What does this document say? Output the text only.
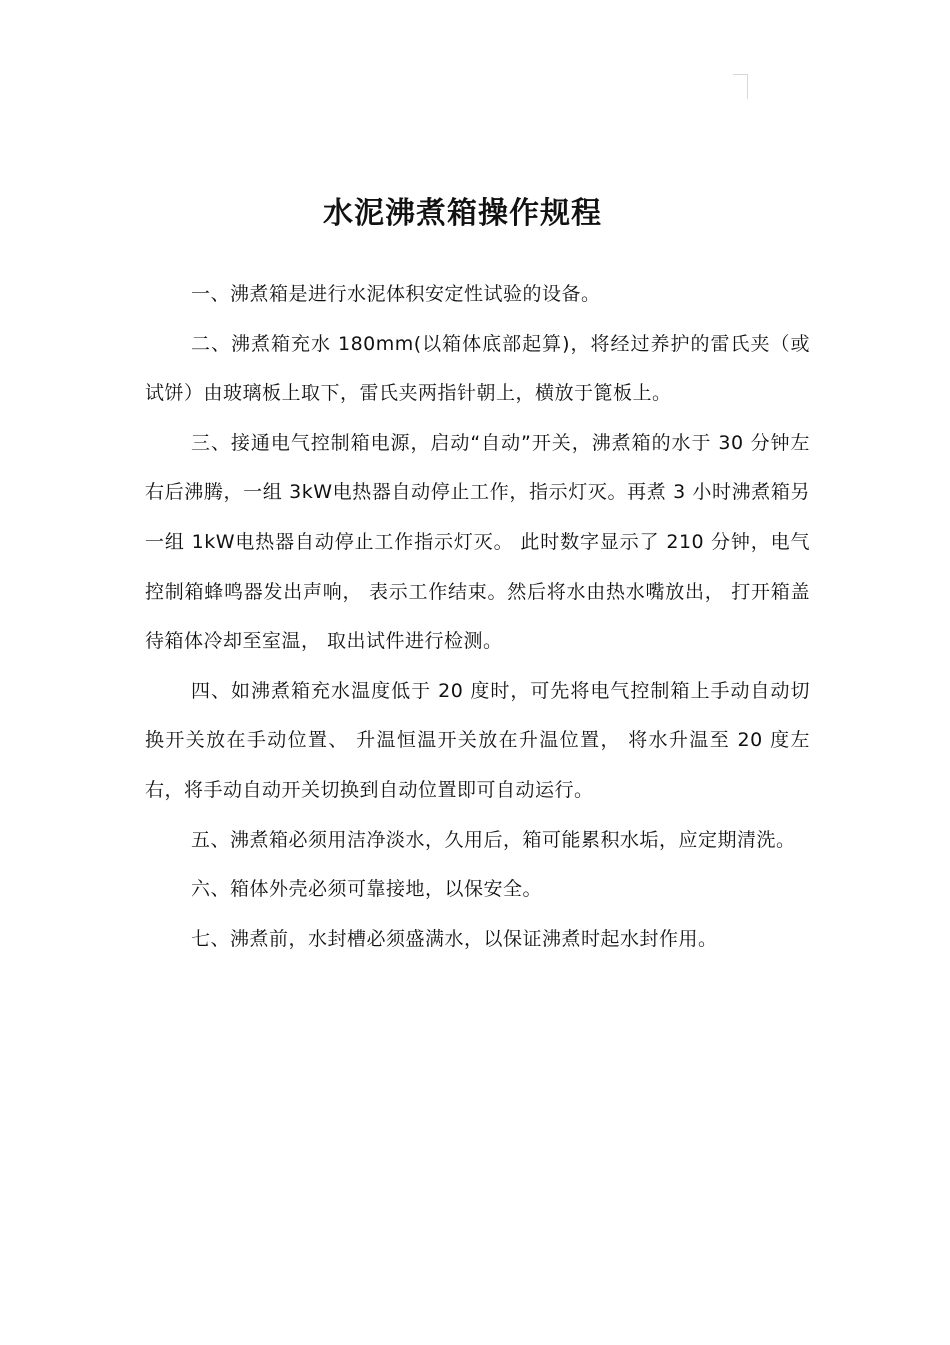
水泥沸煮箱操作规程

一、沸煮箱是进行水泥体积安定性试验的设备。

二、沸煮箱充水 180mm(以箱体底部起算)，将经过养护的雷氏夹（或试饼）由玻璃板上取下，雷氏夹两指针朝上，横放于篦板上。

三、接通电气控制箱电源，启动“自动”开关，沸煮箱的水于 30 分钟左右后沸腾，一组 3kW电热器自动停止工作，指示灯灭。再煮 3 小时沸煮箱另一组 1kW电热器自动停止工作指示灯灭。 此时数字显示了 210 分钟，电气控制箱蜂鸣器发出声响， 表示工作结束。然后将水由热水嘴放出， 打开箱盖待箱体冷却至室温， 取出试件进行检测。

四、如沸煮箱充水温度低于 20 度时，可先将电气控制箱上手动自动切换开关放在手动位置、 升温恒温开关放在升温位置， 将水升温至 20 度左右，将手动自动开关切换到自动位置即可自动运行。

五、沸煮箱必须用洁净淡水，久用后，箱可能累积水垢，应定期清洗。

六、箱体外壳必须可靠接地，以保安全。

七、沸煮前，水封槽必须盛满水，以保证沸煮时起水封作用。
